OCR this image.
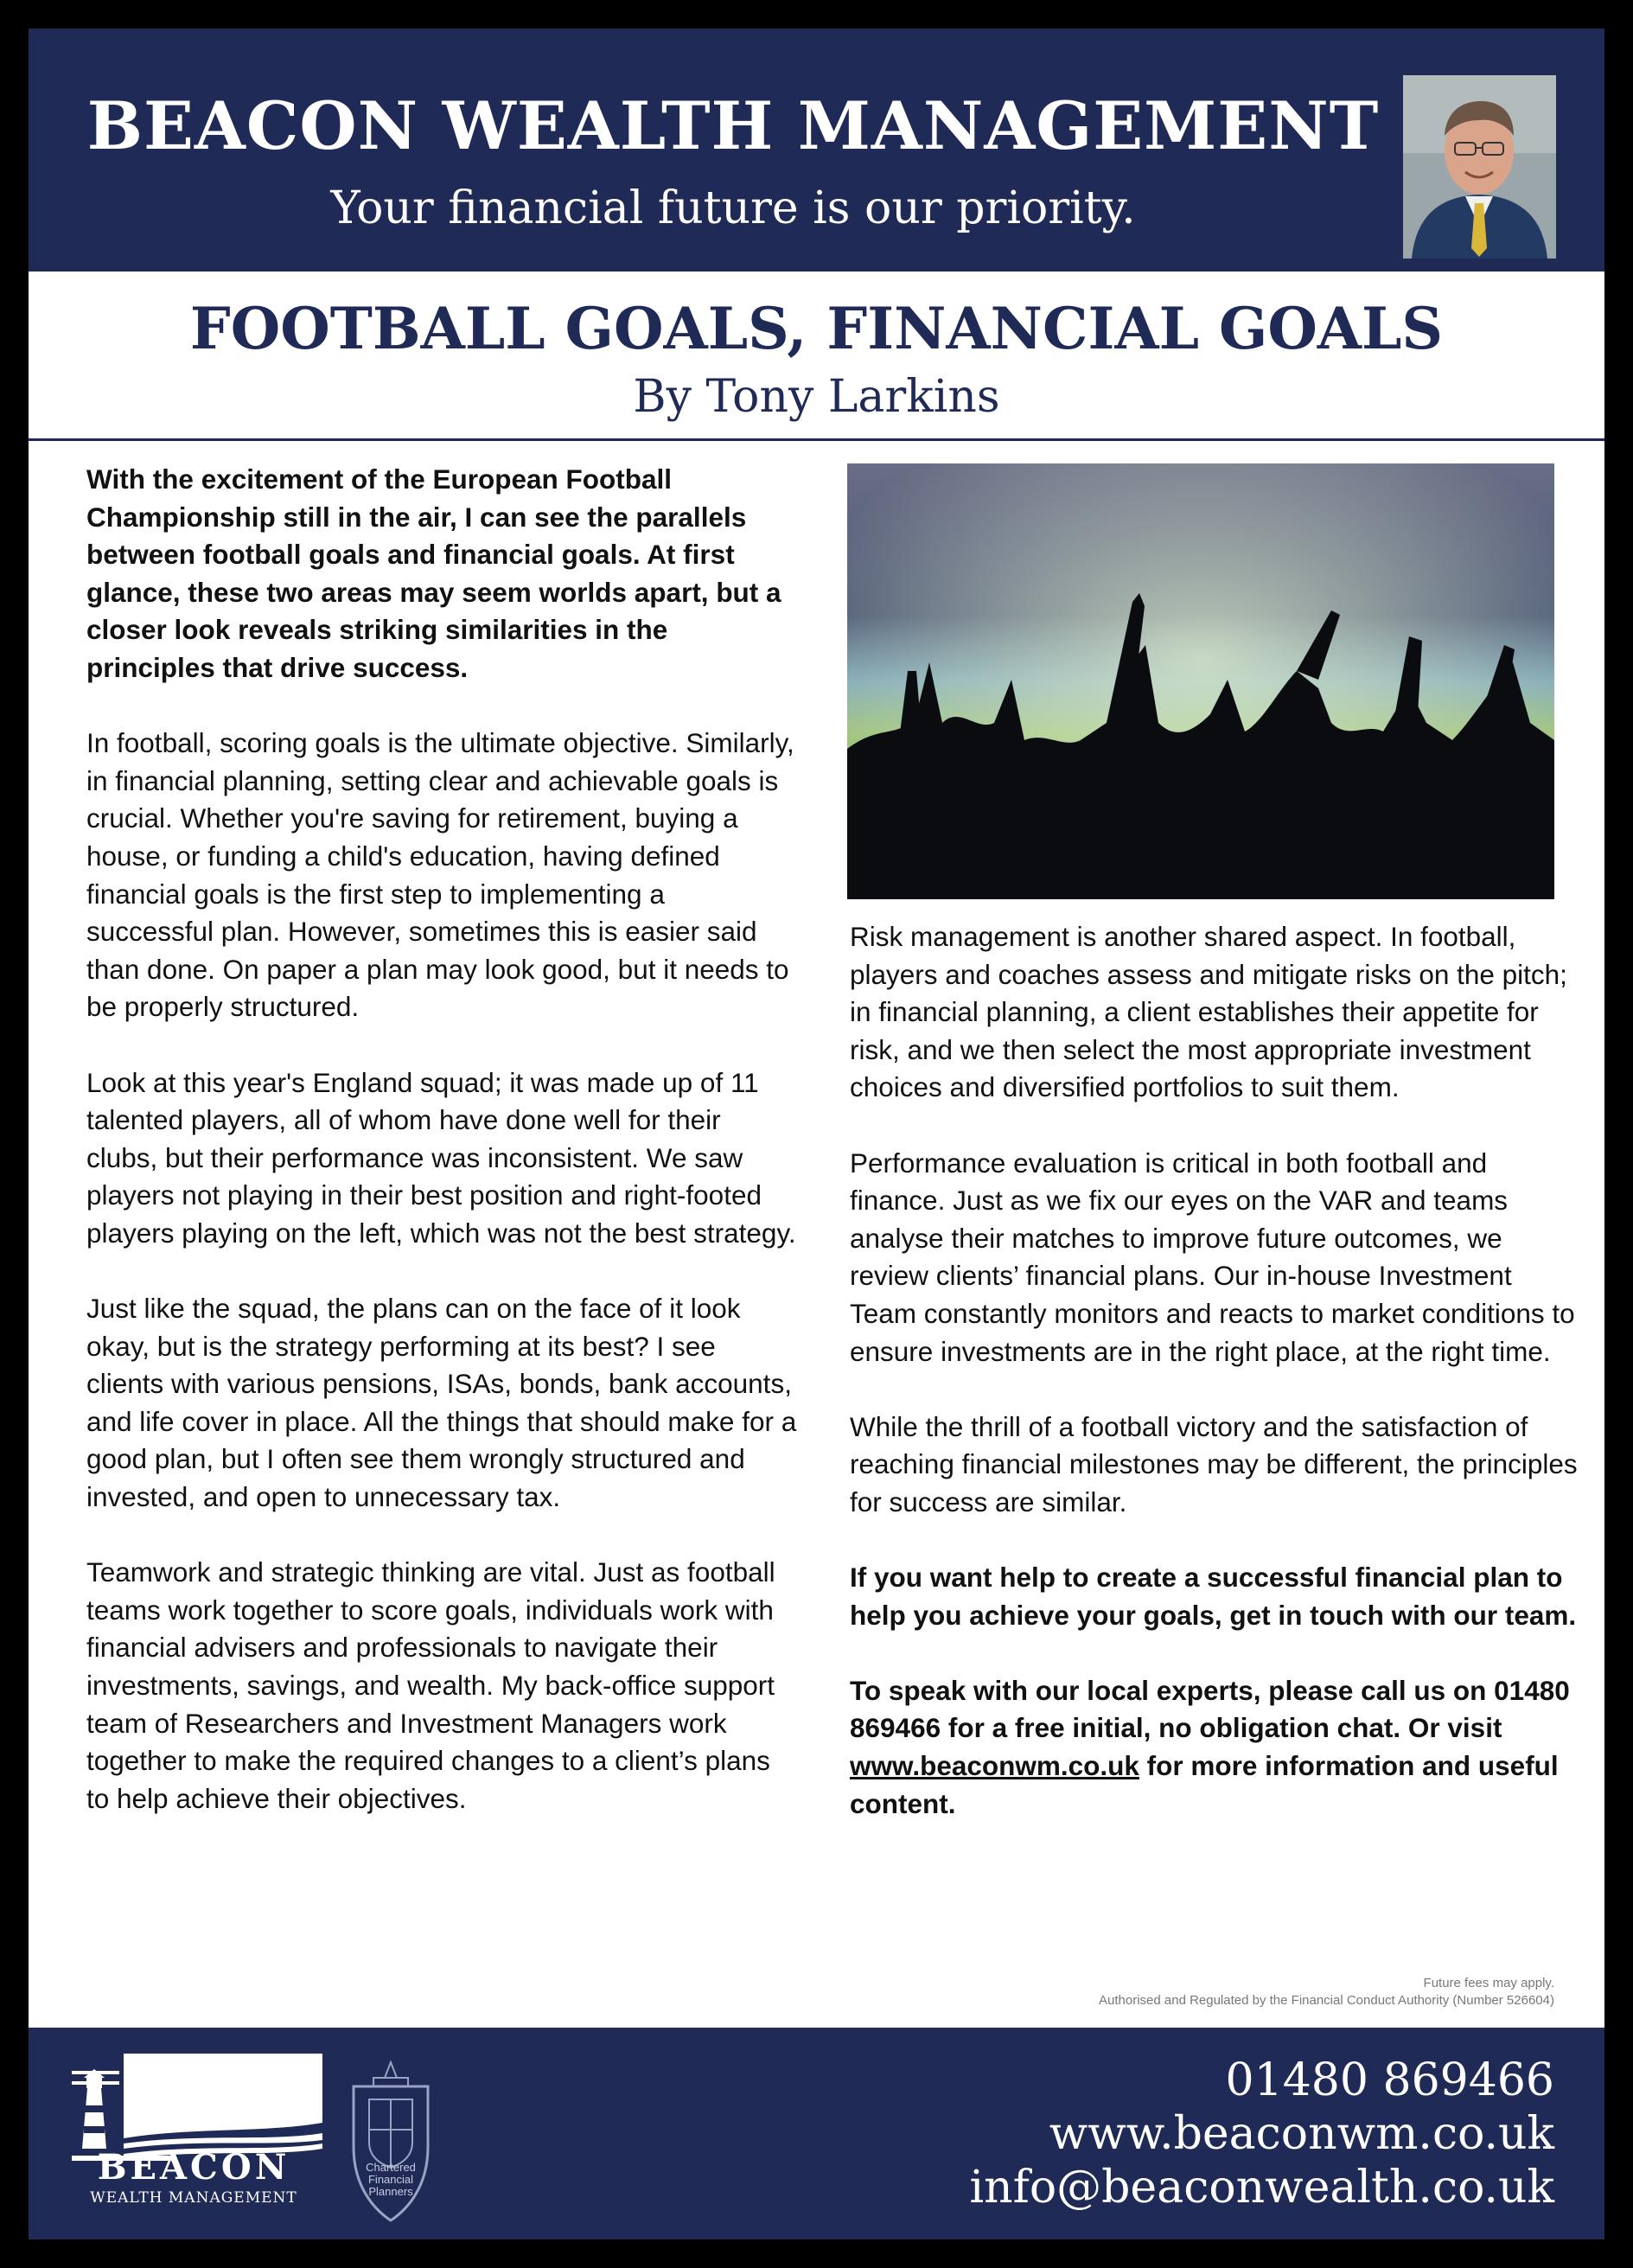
BEACON WEALTH MANAGEMENT
Your financial future is our priority.
FOOTBALL GOALS, FINANCIAL GOALS
By Tony Larkins

With the excitement of the European Football Championship still in the air, I can see the parallels between football goals and financial goals. At first glance, these two areas may seem worlds apart, but a closer look reveals striking similarities in the principles that drive success.

In football, scoring goals is the ultimate objective. Similarly, in financial planning, setting clear and achievable goals is crucial. Whether you're saving for retirement, buying a house, or funding a child's education, having defined financial goals is the first step to implementing a successful plan. However, sometimes this is easier said than done. On paper a plan may look good, but it needs to be properly structured.

Look at this year's England squad; it was made up of 11 talented players, all of whom have done well for their clubs, but their performance was inconsistent. We saw players not playing in their best position and right-footed players playing on the left, which was not the best strategy.

Just like the squad, the plans can on the face of it look okay, but is the strategy performing at its best? I see clients with various pensions, ISAs, bonds, bank accounts, and life cover in place. All the things that should make for a good plan, but I often see them wrongly structured and invested, and open to unnecessary tax.

Teamwork and strategic thinking are vital. Just as football teams work together to score goals, individuals work with financial advisers and professionals to navigate their investments, savings, and wealth. My back-office support team of Researchers and Investment Managers work together to make the required changes to a client’s plans to help achieve their objectives.

Risk management is another shared aspect. In football, players and coaches assess and mitigate risks on the pitch; in financial planning, a client establishes their appetite for risk, and we then select the most appropriate investment choices and diversified portfolios to suit them.

Performance evaluation is critical in both football and finance. Just as we fix our eyes on the VAR and teams analyse their matches to improve future outcomes, we review clients’ financial plans. Our in-house Investment Team constantly monitors and reacts to market conditions to ensure investments are in the right place, at the right time.

While the thrill of a football victory and the satisfaction of reaching financial milestones may be different, the principles for success are similar.

If you want help to create a successful financial plan to help you achieve your goals, get in touch with our team.

To speak with our local experts, please call us on 01480 869466 for a free initial, no obligation chat. Or visit www.beaconwm.co.uk for more information and useful content.

Future fees may apply.
Authorised and Regulated by the Financial Conduct Authority (Number 526604)
BEACON
WEALTH MANAGEMENT
Chartered
Financial
Planners
01480 869466
www.beaconwm.co.uk
info@beaconwealth.co.uk
